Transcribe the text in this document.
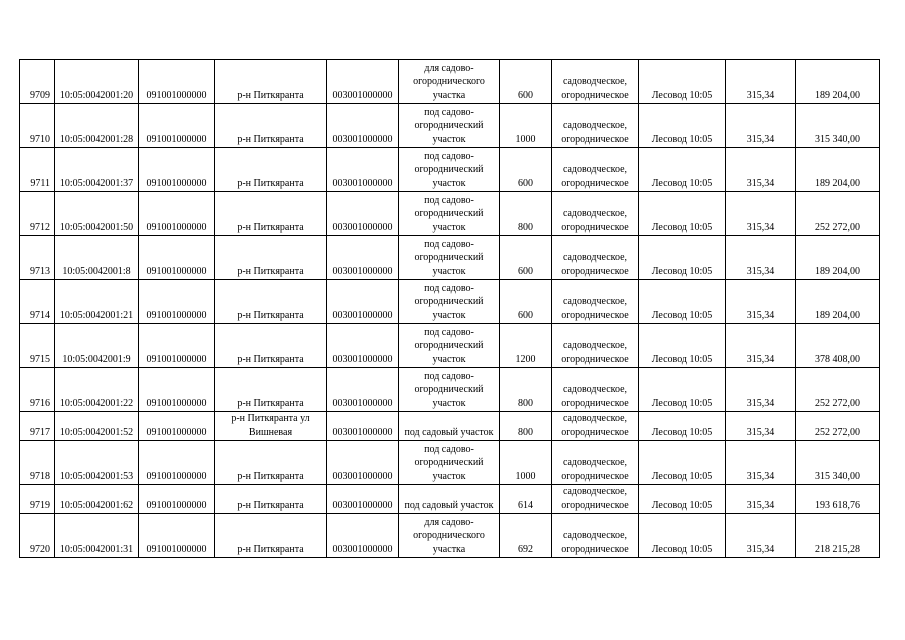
9709	10:05:0042001:20	091001000000	р-н Питкяранта	003001000000	для садово-огороднического участка	600	садоводческое, огородническое	Лесовод 10:05	315,34	189 204,00
9710	10:05:0042001:28	091001000000	р-н Питкяранта	003001000000	под садово-огороднический участок	1000	садоводческое, огородническое	Лесовод 10:05	315,34	315 340,00
9711	10:05:0042001:37	091001000000	р-н Питкяранта	003001000000	под садово-огороднический участок	600	садоводческое, огородническое	Лесовод 10:05	315,34	189 204,00
9712	10:05:0042001:50	091001000000	р-н Питкяранта	003001000000	под садово-огороднический участок	800	садоводческое, огородническое	Лесовод 10:05	315,34	252 272,00
9713	10:05:0042001:8	091001000000	р-н Питкяранта	003001000000	под садово-огороднический участок	600	садоводческое, огородническое	Лесовод 10:05	315,34	189 204,00
9714	10:05:0042001:21	091001000000	р-н Питкяранта	003001000000	под садово-огороднический участок	600	садоводческое, огородническое	Лесовод 10:05	315,34	189 204,00
9715	10:05:0042001:9	091001000000	р-н Питкяранта	003001000000	под садово-огороднический участок	1200	садоводческое, огородническое	Лесовод 10:05	315,34	378 408,00
9716	10:05:0042001:22	091001000000	р-н Питкяранта	003001000000	под садово-огороднический участок	800	садоводческое, огородническое	Лесовод 10:05	315,34	252 272,00
9717	10:05:0042001:52	091001000000	р-н Питкяранта ул Вишневая	003001000000	под садовый участок	800	садоводческое, огородническое	Лесовод 10:05	315,34	252 272,00
9718	10:05:0042001:53	091001000000	р-н Питкяранта	003001000000	под садово-огороднический участок	1000	садоводческое, огородническое	Лесовод 10:05	315,34	315 340,00
9719	10:05:0042001:62	091001000000	р-н Питкяранта	003001000000	под садовый участок	614	садоводческое, огородническое	Лесовод 10:05	315,34	193 618,76
9720	10:05:0042001:31	091001000000	р-н Питкяранта	003001000000	для садово-огороднического участка	692	садоводческое, огородническое	Лесовод 10:05	315,34	218 215,28
